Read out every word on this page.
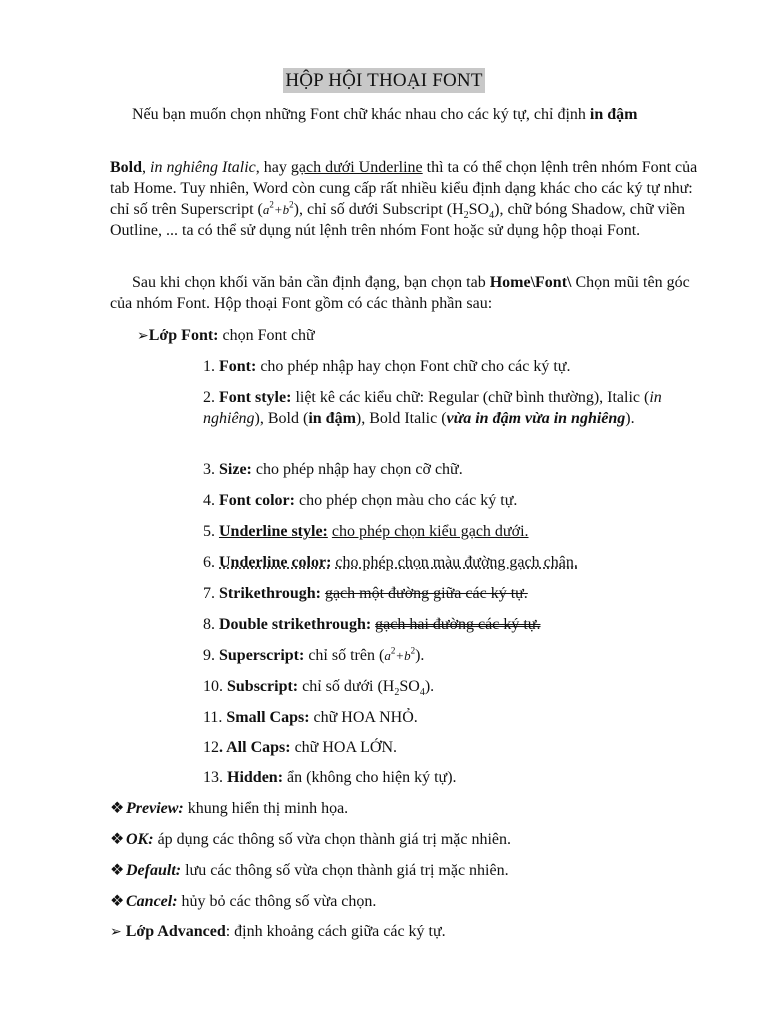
HỘP HỘI THOẠI FONT

Nếu bạn muốn chọn những Font chữ khác nhau cho các ký tự, chỉ định in đậm

Bold, in nghiêng Italic, hay gạch dưới Underline thì ta có thể chọn lệnh trên nhóm Font của tab Home. Tuy nhiên, Word còn cung cấp rất nhiều kiểu định dạng khác cho các ký tự như: chỉ số trên Superscript $(a^2+b^2)$, chỉ số dưới Subscript $(H_2SO_4)$, chữ bóng Shadow, chữ viền Outline, ... ta có thể sử dụng nút lệnh trên nhóm Font hoặc sử dụng hộp thoại Font.

Sau khi chọn khối văn bản cần định đạng, bạn chọn tab Home\Font\ Chọn mũi tên góc của nhóm Font. Hộp thoại Font gồm có các thành phần sau:

➢Lớp Font: chọn Font chữ

1. Font: cho phép nhập hay chọn Font chữ cho các ký tự.

2. Font style: liệt kê các kiểu chữ: Regular (chữ bình thường), Italic (in nghiêng), Bold (in đậm), Bold Italic (vừa in đậm vừa in nghiêng).

3. Size: cho phép nhập hay chọn cỡ chữ.

4. Font color: cho phép chọn màu cho các ký tự.

5. Underline style: cho phép chọn kiểu gạch dưới.

6. Underline color: cho phép chọn màu đường gạch chân.

7. Strikethrough: gạch một đường giữa các ký tự.

8. Double strikethrough: gạch hai đường các ký tự.

9. Superscript: chỉ số trên $(a^2+b^2)$.

10. Subscript: chỉ số dưới $(H_2SO_4)$.

11. Small Caps: chữ HOA NHỎ.

12. All Caps: chữ HOA LỚN.

13. Hidden: ẩn (không cho hiện ký tự).

❖ Preview: khung hiển thị minh họa.

❖ OK: áp dụng các thông số vừa chọn thành giá trị mặc nhiên.

❖ Default: lưu các thông số vừa chọn thành giá trị mặc nhiên.

❖ Cancel: hủy bỏ các thông số vừa chọn.

➢ Lớp Advanced: định khoảng cách giữa các ký tự.
